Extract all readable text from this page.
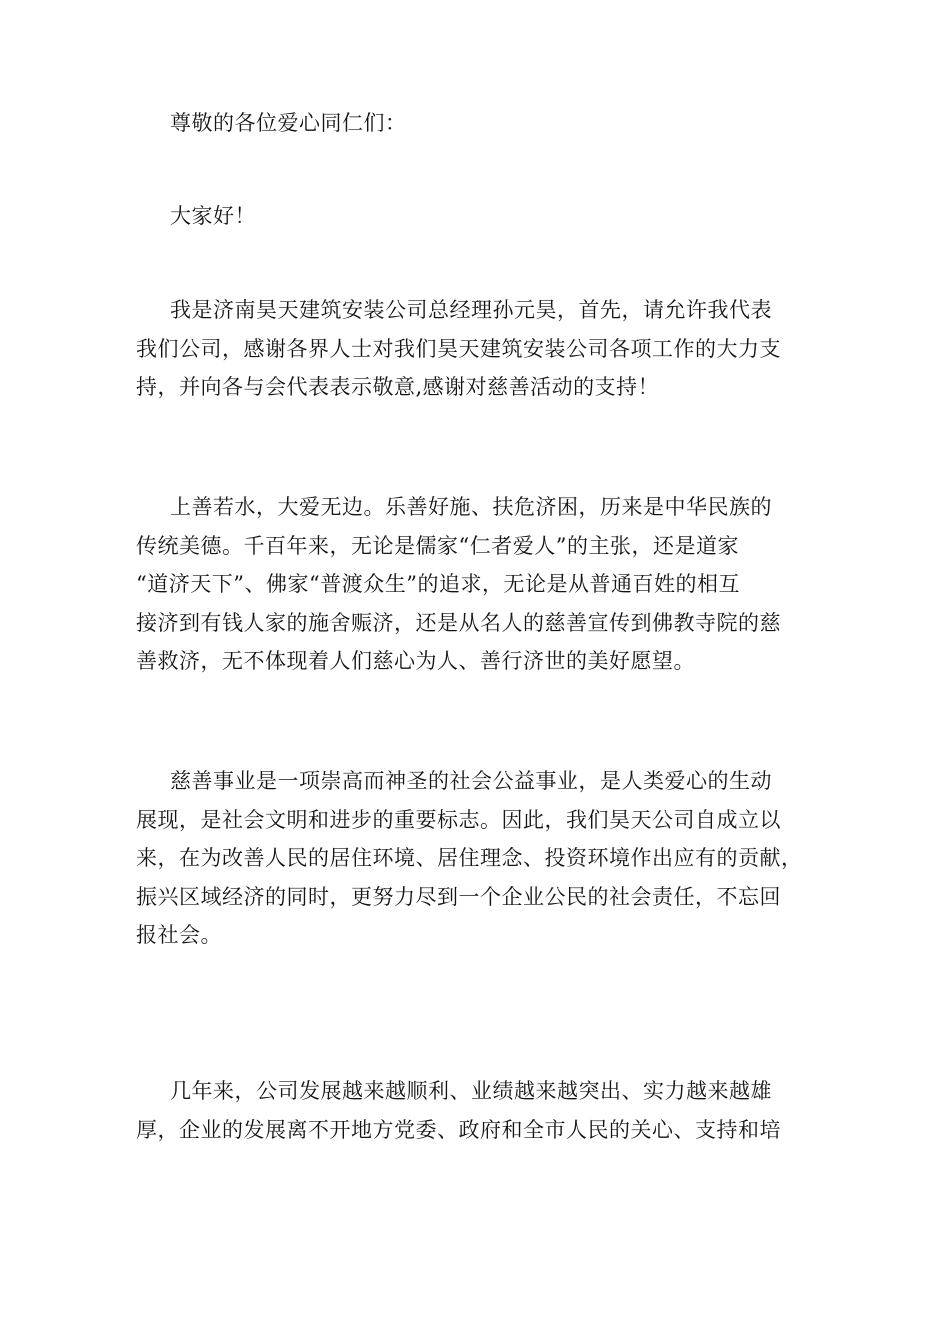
尊敬的各位爱心同仁们：

大家好！

我是济南昊天建筑安装公司总经理孙元昊，首先，请允许我代表
我们公司，感谢各界人士对我们昊天建筑安装公司各项工作的大力支
持，并向各与会代表表示敬意,感谢对慈善活动的支持！
上善若水，大爱无边。乐善好施、扶危济困，历来是中华民族的
传统美德。千百年来，无论是儒家“仁者爱人”的主张，还是道家
“道济天下”、佛家“普渡众生”的追求，无论是从普通百姓的相互
接济到有钱人家的施舍赈济，还是从名人的慈善宣传到佛教寺院的慈
善救济，无不体现着人们慈心为人、善行济世的美好愿望。
慈善事业是一项崇高而神圣的社会公益事业，是人类爱心的生动
展现，是社会文明和进步的重要标志。因此，我们昊天公司自成立以
来，在为改善人民的居住环境、居住理念、投资环境作出应有的贡献，
振兴区域经济的同时，更努力尽到一个企业公民的社会责任，不忘回
报社会。
几年来，公司发展越来越顺利、业绩越来越突出、实力越来越雄
厚，企业的发展离不开地方党委、政府和全市人民的关心、支持和培
